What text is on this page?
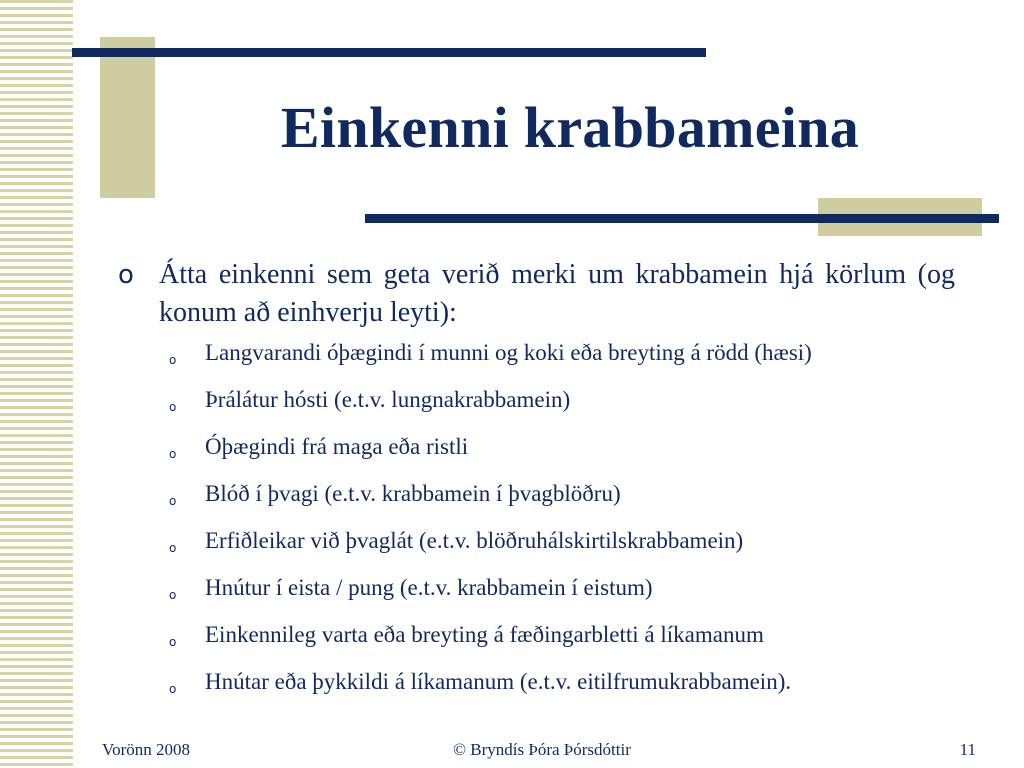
Einkenni krabbameina
o Átta einkenni sem geta verið merki um krabbamein hjá körlum (og konum að einhverju leyti):
o Langvarandi óþægindi í munni og koki eða breyting á rödd (hæsi)
o Þrálátur hósti (e.t.v. lungnakrabbamein)
o Óþægindi frá maga eða ristli
o Blóð í þvagi (e.t.v. krabbamein í þvagblöðru)
o Erfiðleikar við þvaglát (e.t.v. blöðruhálskirtilskrabbamein)
o Hnútur í eista / pung (e.t.v. krabbamein í eistum)
o Einkennileg varta eða breyting á fæðingarbletti á líkamanum
o Hnútar eða þykkildi á líkamanum (e.t.v. eitilfrumukrabbamein).
Vorönn 2008	© Bryndís Þóra Þórsdóttir	11
